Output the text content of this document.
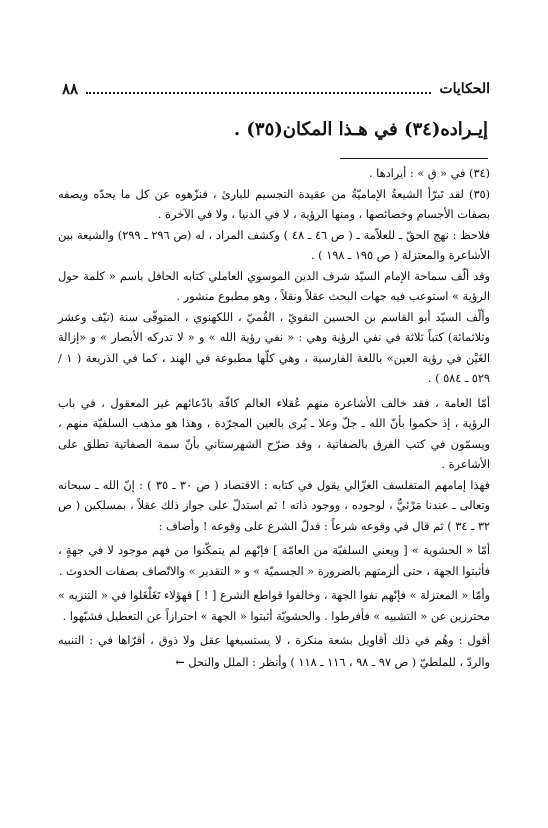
الحكايات
٨٨
إيـراده(٣٤) في هـذا المكان(٣٥) .

(٣٤) في « ق » : أيرادها .

(٣٥) لقد تَبرّأ الشيعةُ الإماميّةُ من عقيدة التجسيم للبارئ ، فنزّهوه عن كل ما يحدّه ويصفه بصفات الأجسام وخصائصها ، ومنها الرؤية ، لا في الدنيا ، ولا في الآخرة .

فلاحظ : نهج الحقّ ـ للعلاّمة ـ ( ص ٤٦ ـ ٤٨ ) وكشف المراد ، له (ص ٢٩٦ ـ ٢٩٩) والشيعة بين الأشاعرة والمعتزلة ( ص ١٩٥ ـ ١٩٨ ) .

وقد ألّف سماحة الإمام السيّد شرف الدين الموسوي العاملي كتابه الحافل باسم « كلمة حول الرؤية » استوعب فيه جهات البحث عقلاً ونقلاً ، وهو مطبوع منشور .

وألّف السيّد أبو القاسم بن الحسين النقويّ ، القُميّ ، اللكهنوي ، المتوفّى سنة (نيّف وعشر وثلاثمائة) كتباً ثلاثة في نفي الرؤية وهي : « نفي رؤية الله » و « لا تدركه الأبصار » و «إزالة الغَيْن في رؤية العين» باللغة الفارسية ، وهي كلّها مطبوعة في الهند ، كما في الذريعة ( ١ / ٥٢٩ ـ ٥٨٤ ) .

أمّا العامة ، فقد خالف الأشاعرة منهم عُقلاء العالم كافّة بادّعائهم غير المعقول ، في باب الرؤية ، إذ حكموا بأنّ الله ـ جلّ وعلا ـ يُرى بالعين المجرّدة ، وهذا هو مذهب السلفيّة منهم ، ويسمّون في كتب الفرق بالصفاتية ، وقد صرّح الشهرستاني بأنّ سمة الصفاتية تطلق على الأشاعرة .

فهذا إمامهم المتفلسف الغزّالي يقول في كتابه : الاقتصاد ( ص ٣٠ ـ ٣٥ ) : إنّ الله ـ سبحانه وتعالى ـ عندنا مَرْئيٌّ ، لوجوده ، ووجود ذاته ! ثم استدلّ على جواز ذلك عقلاً ، بمسلكين ( ص ٣٢ ـ ٣٤ ) ثم قال في وقوعه شرعاً : فدلّ الشرع على وقوعه ! وأضاف :

أمّا « الحشوية » [ ويعني السلفيّة من العامّة ] فإنّهم لم يتمكّنوا من فهم موجود لا في جهةٍ ، فأثبتوا الجهة ، حتى ألزمتهم بالضرورة « الجسميّة » و « التقدير » والاتّصاف بصفات الحدوث .

وأمّا « المعتزلة » فإنّهم نفوا الجهة ، وخالفوا قواطع الشرع [ ! ] فهؤلاء تَغَلْغَلوا في « التنزيه » محترزين عن « التشبيه » فأفرطوا . والحشويّة أثبتوا « الجهة » احترازاً عن التعطيل فشبّهوا .

أقول : وهُم في ذلك أقاويل بشعة منكرة ، لا يستسيغها عقل ولا ذوق ، أقرّاها في : التنبيه والردّ ، للملطيّ ( ص ٩٧ ـ ٩٨ ، ١١٦ ـ ١١٨ ) وأنظر : الملل والنحل ←
